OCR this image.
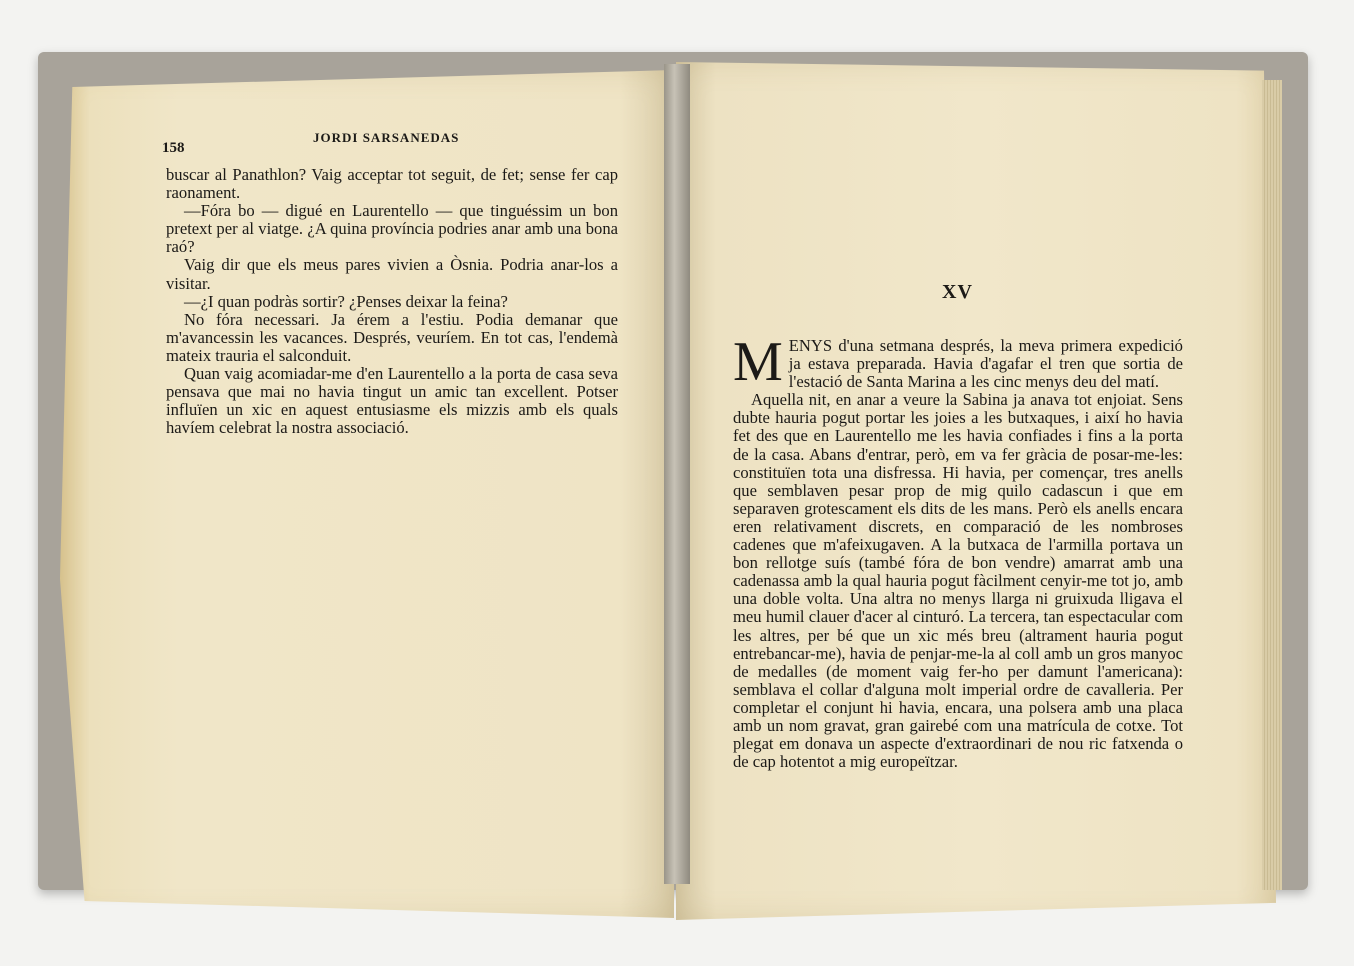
158
JORDI SARSANEDAS

buscar al Panathlon? Vaig acceptar tot seguit, de fet; sense fer cap raonament.

—Fóra bo — digué en Laurentello — que tinguéssim un bon pretext per al viatge. ¿A quina província podries anar amb una bona raó?

Vaig dir que els meus pares vivien a Òsnia. Podria anar-los a visitar.

—¿I quan podràs sortir? ¿Penses deixar la feina?

No fóra necessari. Ja érem a l'estiu. Podia demanar que m'avancessin les vacances. Després, veuríem. En tot cas, l'endemà mateix trauria el salconduit.

Quan vaig acomiadar-me d'en Laurentello a la porta de casa seva pensava que mai no havia tingut un amic tan excellent. Potser influïen un xic en aquest entusiasme els mizzis amb els quals havíem celebrat la nostra associació.

XV

MENYS d'una setmana després, la meva primera expedició ja estava preparada. Havia d'agafar el tren que sortia de l'estació de Santa Marina a les cinc menys deu del matí.

Aquella nit, en anar a veure la Sabina ja anava tot enjoiat. Sens dubte hauria pogut portar les joies a les butxaques, i així ho havia fet des que en Laurentello me les havia confiades i fins a la porta de la casa. Abans d'entrar, però, em va fer gràcia de posar-me-les: constituïen tota una disfressa. Hi havia, per començar, tres anells que semblaven pesar prop de mig quilo cadascun i que em separaven grotescament els dits de les mans. Però els anells encara eren relativament discrets, en comparació de les nombroses cadenes que m'afeixugaven. A la butxaca de l'armilla portava un bon rellotge suís (també fóra de bon vendre) amarrat amb una cadenassa amb la qual hauria pogut fàcilment cenyir-me tot jo, amb una doble volta. Una altra no menys llarga ni gruixuda lligava el meu humil clauer d'acer al cinturó. La tercera, tan espectacular com les altres, per bé que un xic més breu (altrament hauria pogut entrebancar-me), havia de penjar-me-la al coll amb un gros manyoc de medalles (de moment vaig fer-ho per damunt l'americana): semblava el collar d'alguna molt imperial ordre de cavalleria. Per completar el conjunt hi havia, encara, una polsera amb una placa amb un nom gravat, gran gairebé com una matrícula de cotxe. Tot plegat em donava un aspecte d'extraordinari de nou ric fatxenda o de cap hotentot a mig europeïtzar.
